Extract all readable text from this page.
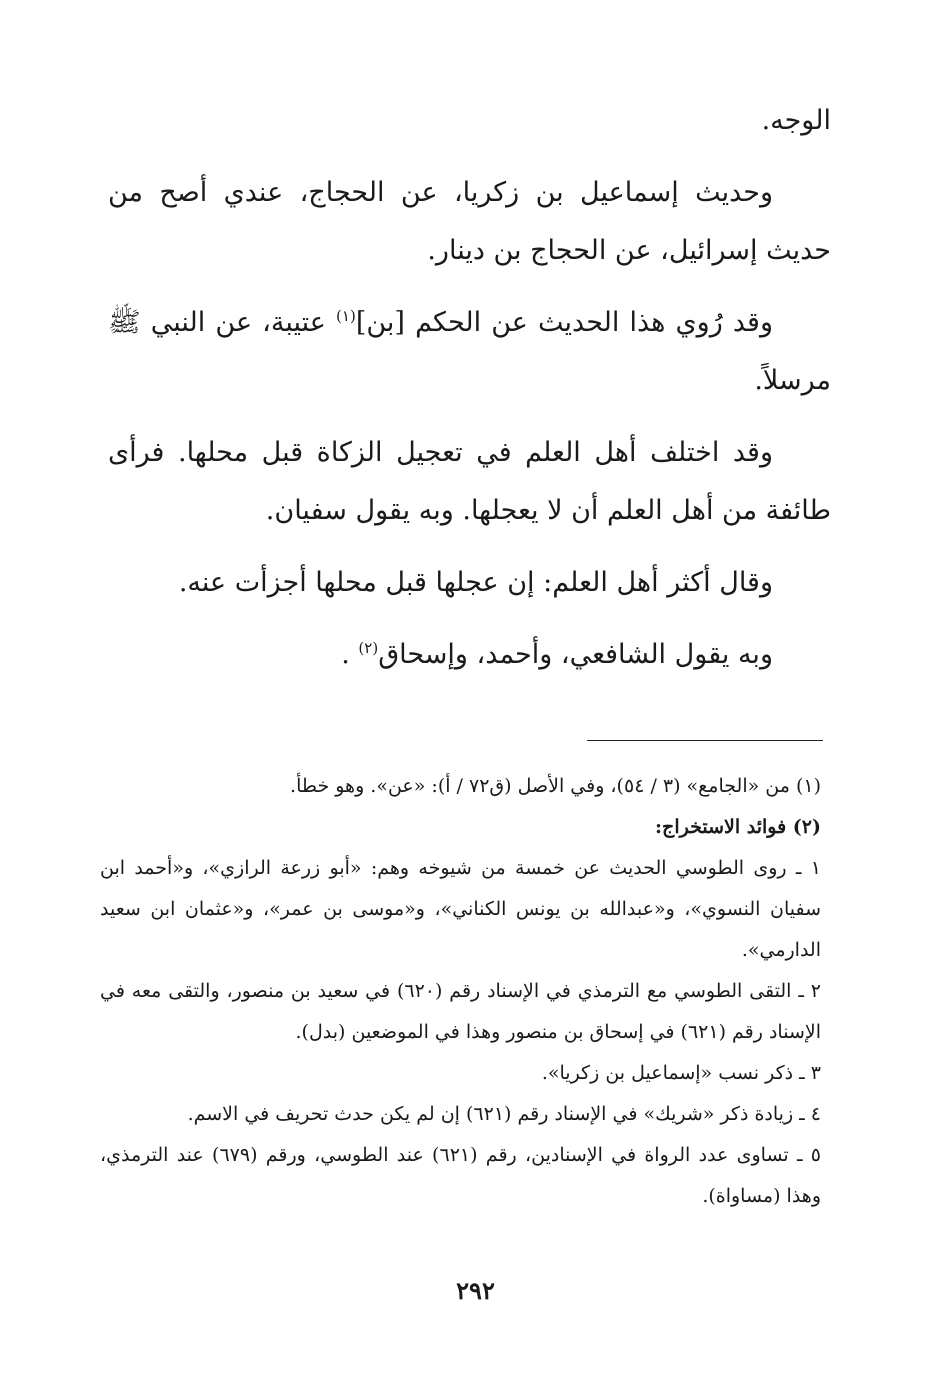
الوجه.

وحديث إسماعيل بن زكريا، عن الحجاج، عندي أصح من حديث إسرائيل، عن الحجاج بن دينار.

وقد رُوي هذا الحديث عن الحكم [بن]$^{(١)}$ عتيبة، عن النبي ﷺ مرسلاً.

وقد اختلف أهل العلم في تعجيل الزكاة قبل محلها. فرأى طائفة من أهل العلم أن لا يعجلها. وبه يقول سفيان.

وقال أكثر أهل العلم: إن عجلها قبل محلها أجزأت عنه.

وبه يقول الشافعي، وأحمد، وإسحاق$^{(٢)}$ .

(١) من «الجامع» (٣ / ٥٤)، وفي الأصل (ق٧٢ / أ): «عن». وهو خطأ.

(٢) فوائد الاستخراج:

١ ـ روى الطوسي الحديث عن خمسة من شيوخه وهم: «أبو زرعة الرازي»، و«أحمد ابن سفيان النسوي»، و«عبدالله بن يونس الكناني»، و«موسى بن عمر»، و«عثمان ابن سعيد الدارمي».

٢ ـ التقى الطوسي مع الترمذي في الإسناد رقم (٦٢٠) في سعيد بن منصور، والتقى معه في الإسناد رقم (٦٢١) في إسحاق بن منصور وهذا في الموضعين (بدل).

٣ ـ ذكر نسب «إسماعيل بن زكريا».

٤ ـ زيادة ذكر «شريك» في الإسناد رقم (٦٢١) إن لم يكن حدث تحريف في الاسم.

٥ ـ تساوى عدد الرواة في الإسنادين، رقم (٦٢١) عند الطوسي، ورقم (٦٧٩) عند الترمذي، وهذا (مساواة).

٢٩٢
